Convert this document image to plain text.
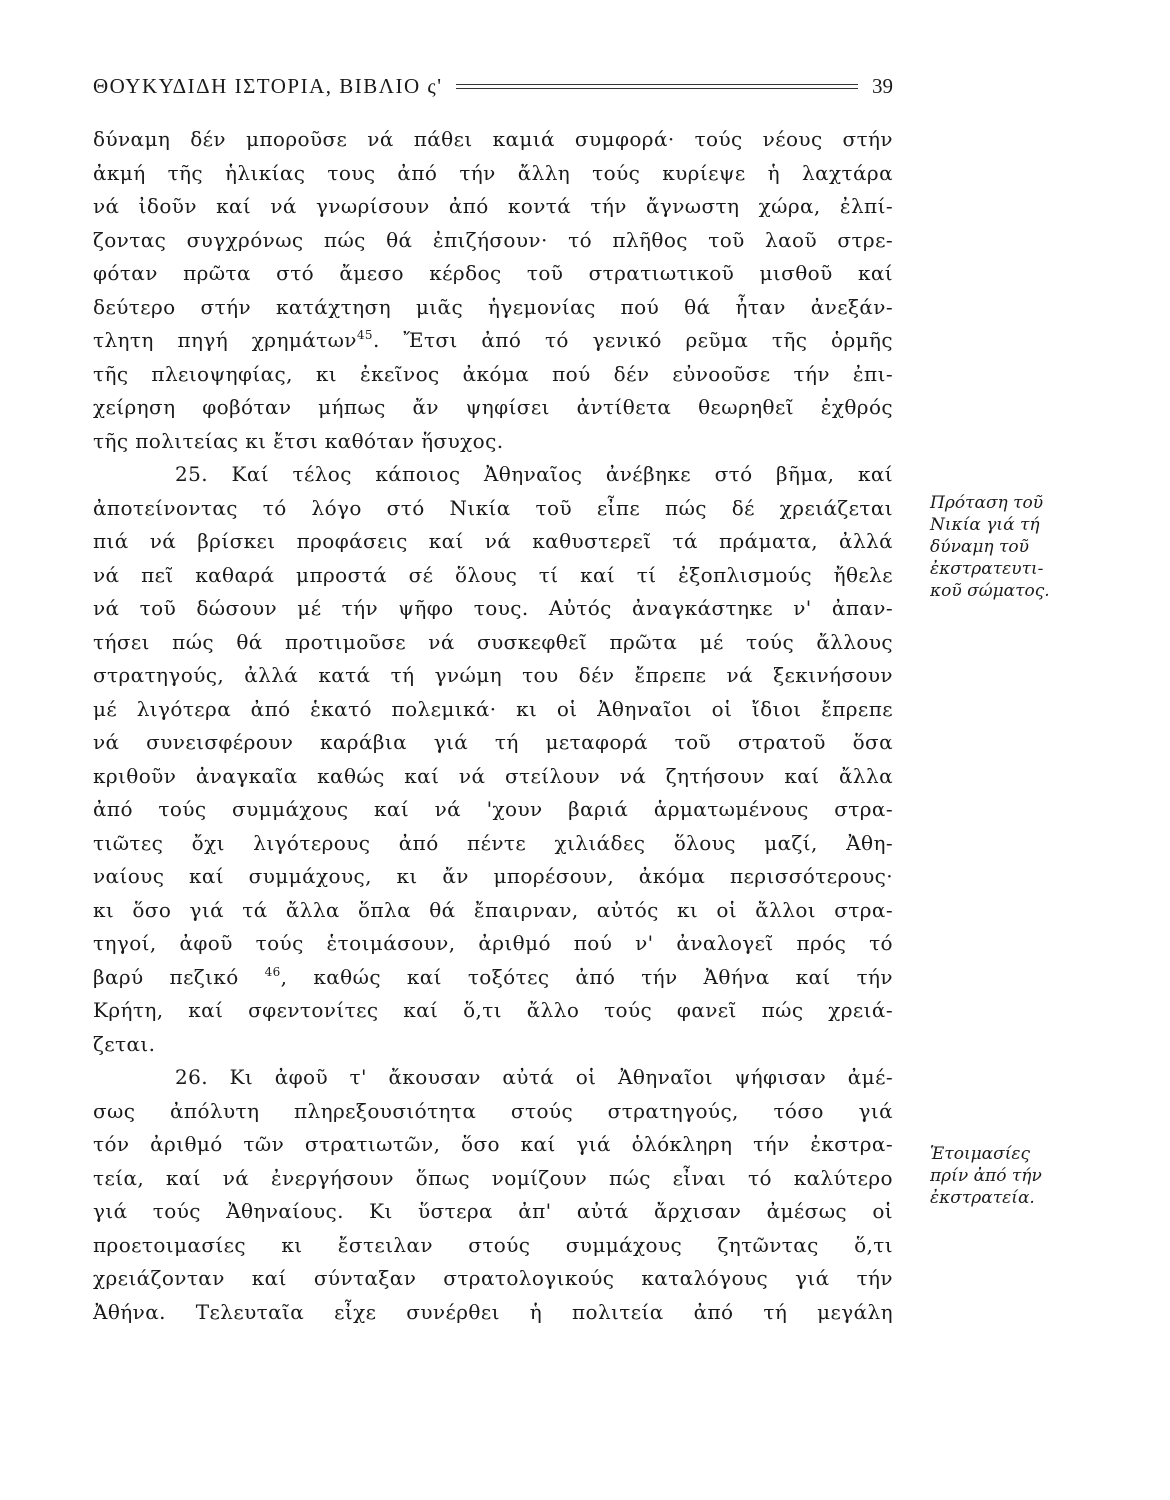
ΘΟΥΚΥΔΙΔΗ ΙΣΤΟΡΙΑ, ΒΙΒΛΙΟ ς'	39
δύναμη δέν μποροῦσε νά πάθει καμιά συμφορά· τούς νέους στήν
ἀκμή τῆς ἡλικίας τους ἀπό τήν ἄλλη τούς κυρίεψε ἡ λαχτάρα
νά ἰδοῦν καί νά γνωρίσουν ἀπό κοντά τήν ἄγνωστη χώρα, ἐλπί-
ζοντας συγχρόνως πώς θά ἐπιζήσουν· τό πλῆθος τοῦ λαοῦ στρε-
φόταν πρῶτα στό ἄμεσο κέρδος τοῦ στρατιωτικοῦ μισθοῦ καί
δεύτερο στήν κατάχτηση μιᾶς ἡγεμονίας πού θά ἦταν ἀνεξάν-
τλητη πηγή χρημάτων$^{45}$. Ἔτσι ἀπό τό γενικό ρεῦμα τῆς ὁρμῆς
τῆς πλειοψηφίας, κι ἐκεῖνος ἀκόμα πού δέν εὐνοοῦσε τήν ἐπι-
χείρηση φοβόταν μήπως ἄν ψηφίσει ἀντίθετα θεωρηθεῖ ἐχθρός
τῆς πολιτείας κι ἔτσι καθόταν ἥσυχος.
25. Καί τέλος κάποιος Ἀθηναῖος ἀνέβηκε στό βῆμα, καί
ἀποτείνοντας τό λόγο στό Νικία τοῦ εἶπε πώς δέ χρειάζεται
πιά νά βρίσκει προφάσεις καί νά καθυστερεῖ τά πράματα, ἀλλά
νά πεῖ καθαρά μπροστά σέ ὅλους τί καί τί ἐξοπλισμούς ἤθελε
νά τοῦ δώσουν μέ τήν ψῆφο τους. Αὐτός ἀναγκάστηκε ν' ἀπαν-
τήσει πώς θά προτιμοῦσε νά συσκεφθεῖ πρῶτα μέ τούς ἄλλους
στρατηγούς, ἀλλά κατά τή γνώμη του δέν ἔπρεπε νά ξεκινήσουν
μέ λιγότερα ἀπό ἑκατό πολεμικά· κι οἱ Ἀθηναῖοι οἱ ἴδιοι ἔπρεπε
νά συνεισφέρουν καράβια γιά τή μεταφορά τοῦ στρατοῦ ὅσα
κριθοῦν ἀναγκαῖα καθώς καί νά στείλουν νά ζητήσουν καί ἄλλα
ἀπό τούς συμμάχους καί νά 'χουν βαριά ἁρματωμένους στρα-
τιῶτες ὄχι λιγότερους ἀπό πέντε χιλιάδες ὅλους μαζί, Ἀθη-
ναίους καί συμμάχους, κι ἄν μπορέσουν, ἀκόμα περισσότερους·
κι ὅσο γιά τά ἄλλα ὅπλα θά ἔπαιρναν, αὐτός κι οἱ ἄλλοι στρα-
τηγοί, ἀφοῦ τούς ἑτοιμάσουν, ἀριθμό πού ν' ἀναλογεῖ πρός τό
βαρύ πεζικό $^{46}$, καθώς καί τοξότες ἀπό τήν Ἀθήνα καί τήν
Κρήτη, καί σφεντονίτες καί ὅ,τι ἄλλο τούς φανεῖ πώς χρειά-
ζεται.
26. Κι ἀφοῦ τ' ἄκουσαν αὐτά οἱ Ἀθηναῖοι ψήφισαν ἀμέ-
σως ἀπόλυτη πληρεξουσιότητα στούς στρατηγούς, τόσο γιά
τόν ἀριθμό τῶν στρατιωτῶν, ὅσο καί γιά ὁλόκληρη τήν ἐκστρα-
τεία, καί νά ἐνεργήσουν ὅπως νομίζουν πώς εἶναι τό καλύτερο
γιά τούς Ἀθηναίους. Κι ὕστερα ἀπ' αὐτά ἄρχισαν ἀμέσως οἱ
προετοιμασίες κι ἔστειλαν στούς συμμάχους ζητῶντας ὅ,τι
χρειάζονταν καί σύνταξαν στρατολογικούς καταλόγους γιά τήν
Ἀθήνα. Τελευταῖα εἶχε συνέρθει ἡ πολιτεία ἀπό τή μεγάλη
Πρόταση τοῦ
Νικία γιά τή
δύναμη τοῦ
ἐκστρατευτι-
κοῦ σώματος.
Ἑτοιμασίες
πρίν ἀπό τήν
ἐκστρατεία.
